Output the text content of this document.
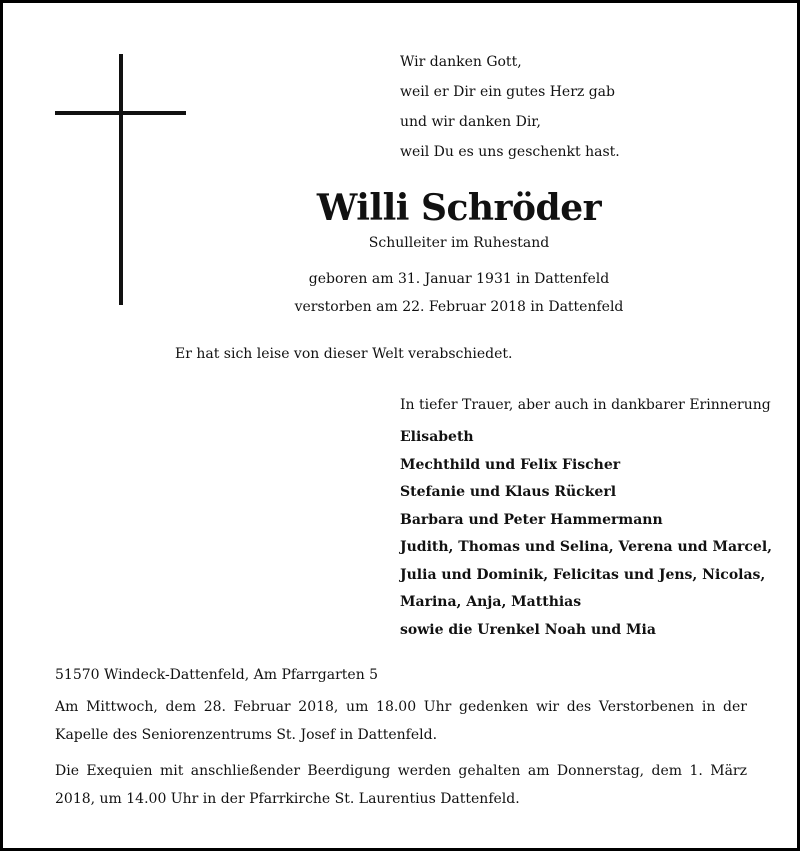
Wir danken Gott,
weil er Dir ein gutes Herz gab
und wir danken Dir,
weil Du es uns geschenkt hast.
Willi Schröder
Schulleiter im Ruhestand
geboren am 31. Januar 1931 in Dattenfeld
verstorben am 22. Februar 2018 in Dattenfeld
Er hat sich leise von dieser Welt verabschiedet.
In tiefer Trauer, aber auch in dankbarer Erinnerung
Elisabeth
Mechthild und Felix Fischer
Stefanie und Klaus Rückerl
Barbara und Peter Hammermann
Judith, Thomas und Selina, Verena und Marcel,
Julia und Dominik, Felicitas und Jens, Nicolas,
Marina, Anja, Matthias
sowie die Urenkel Noah und Mia
51570 Windeck-Dattenfeld, Am Pfarrgarten 5
Am Mittwoch, dem 28. Februar 2018, um 18.00 Uhr gedenken wir des Verstorbenen in der Kapelle des Seniorenzentrums St. Josef in Dattenfeld.
Die Exequien mit anschließender Beerdigung werden gehalten am Donnerstag, dem 1. März 2018, um 14.00 Uhr in der Pfarrkirche St. Laurentius Dattenfeld.
